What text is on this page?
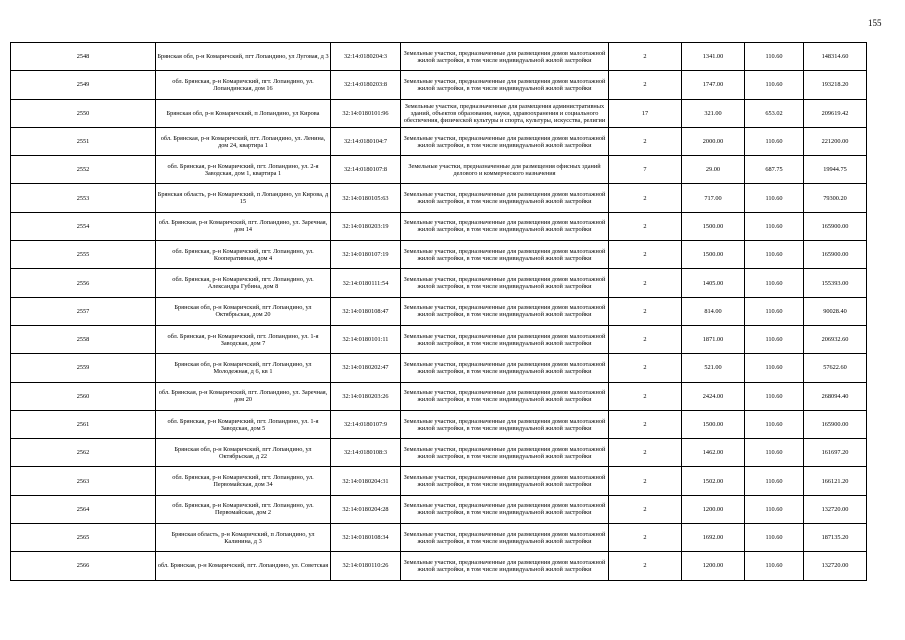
155
2548	Брянская обл, р-н Комаричский, пгт Лопандино, ул Луговая, д 3	32:14:0180204:3	Земельные участки, предназначенные для размещения домов малоэтажной жилой застройки, в том числе индивидуальной жилой застройки	2	1341.00	110.60	148314.60
2549	обл. Брянская, р-н Комаричский, пгт. Лопандино, ул. Лопандинская, дом 16	32:14:0180203:8	Земельные участки, предназначенные для размещения домов малоэтажной жилой застройки, в том числе индивидуальной жилой застройки	2	1747.00	110.60	193218.20
2550	Брянская обл, р-н Комаричский, п Лопандино, ул Кирова	32:14:0180101:96	Земельные участки, предназначенные для размещения административных зданий, объектов образования, науки, здравоохранения и социального обеспечения, физической культуры и спорта, культуры, искусства, религии	17	321.00	653.02	209619.42
2551	обл. Брянская, р-н Комаричский, пгт. Лопандино, ул. Ленина, дом 24, квартира 1	32:14:0180104:7	Земельные участки, предназначенные для размещения домов малоэтажной жилой застройки, в том числе индивидуальной жилой застройки	2	2000.00	110.60	221200.00
2552	обл. Брянская, р-н Комаричский, пгт. Лопандино, ул. 2-я Заводская, дом 1, квартира 1	32:14:0180107:8	Земельные участки, предназначенные для размещения офисных зданий делового и коммерческого назначения	7	29.00	687.75	19944.75
2553	Брянская область, р-н Комаричский, п Лопандино, ул Кирова, д 15	32:14:0180105:63	Земельные участки, предназначенные для размещения домов малоэтажной жилой застройки, в том числе индивидуальной жилой застройки	2	717.00	110.60	79300.20
2554	обл. Брянская, р-н Комаричский, пгт. Лопандино, ул. Заречная, дом 14	32:14:0180203:19	Земельные участки, предназначенные для размещения домов малоэтажной жилой застройки, в том числе индивидуальной жилой застройки	2	1500.00	110.60	165900.00
2555	обл. Брянская, р-н Комаричский, пгт. Лопандино, ул. Кооперативная, дом 4	32:14:0180107:19	Земельные участки, предназначенные для размещения домов малоэтажной жилой застройки, в том числе индивидуальной жилой застройки	2	1500.00	110.60	165900.00
2556	обл. Брянская, р-н Комаричский, пгт. Лопандино, ул. Александра Губина, дом 8	32:14:0180111:54	Земельные участки, предназначенные для размещения домов малоэтажной жилой застройки, в том числе индивидуальной жилой застройки	2	1405.00	110.60	155393.00
2557	Брянская обл, р-н Комаричский, пгт Лопандино, ул Октябрьская, дом 20	32:14:0180108:47	Земельные участки, предназначенные для размещения домов малоэтажной жилой застройки, в том числе индивидуальной жилой застройки	2	814.00	110.60	90028.40
2558	обл. Брянская, р-н Комаричский, пгт. Лопандино, ул. 1-я Заводская, дом 7	32:14:0180101:11	Земельные участки, предназначенные для размещения домов малоэтажной жилой застройки, в том числе индивидуальной жилой застройки	2	1871.00	110.60	206932.60
2559	Брянская обл, р-н Комаричский, пгт Лопандино, ул Молодежная, д 6, кв 1	32:14:0180202:47	Земельные участки, предназначенные для размещения домов малоэтажной жилой застройки, в том числе индивидуальной жилой застройки	2	521.00	110.60	57622.60
2560	обл. Брянская, р-н Комаричский, пгт. Лопандино, ул. Заречная, дом 20	32:14:0180203:26	Земельные участки, предназначенные для размещения домов малоэтажной жилой застройки, в том числе индивидуальной жилой застройки	2	2424.00	110.60	268094.40
2561	обл. Брянская, р-н Комаричский, пгт. Лопандино, ул. 1-я Заводская, дом 5	32:14:0180107:9	Земельные участки, предназначенные для размещения домов малоэтажной жилой застройки, в том числе индивидуальной жилой застройки	2	1500.00	110.60	165900.00
2562	Брянская обл, р-н Комаричский, пгт Лопандино, ул Октябрьская, д 22	32:14:0180108:3	Земельные участки, предназначенные для размещения домов малоэтажной жилой застройки, в том числе индивидуальной жилой застройки	2	1462.00	110.60	161697.20
2563	обл. Брянская, р-н Комаричский, пгт. Лопандино, ул. Первомайская, дом 34	32:14:0180204:31	Земельные участки, предназначенные для размещения домов малоэтажной жилой застройки, в том числе индивидуальной жилой застройки	2	1502.00	110.60	166121.20
2564	обл. Брянская, р-н Комаричский, пгт. Лопандино, ул. Первомайская, дом 2	32:14:0180204:28	Земельные участки, предназначенные для размещения домов малоэтажной жилой застройки, в том числе индивидуальной жилой застройки	2	1200.00	110.60	132720.00
2565	Брянская область, р-н Комаричский, п Лопандино, ул Калинина, д 3	32:14:0180108:34	Земельные участки, предназначенные для размещения домов малоэтажной жилой застройки, в том числе индивидуальной жилой застройки	2	1692.00	110.60	187135.20
2566	обл. Брянская, р-н Комаричский, пгт. Лопандино, ул. Советская	32:14:0180110:26	Земельные участки, предназначенные для размещения домов малоэтажной жилой застройки, в том числе индивидуальной жилой застройки	2	1200.00	110.60	132720.00
